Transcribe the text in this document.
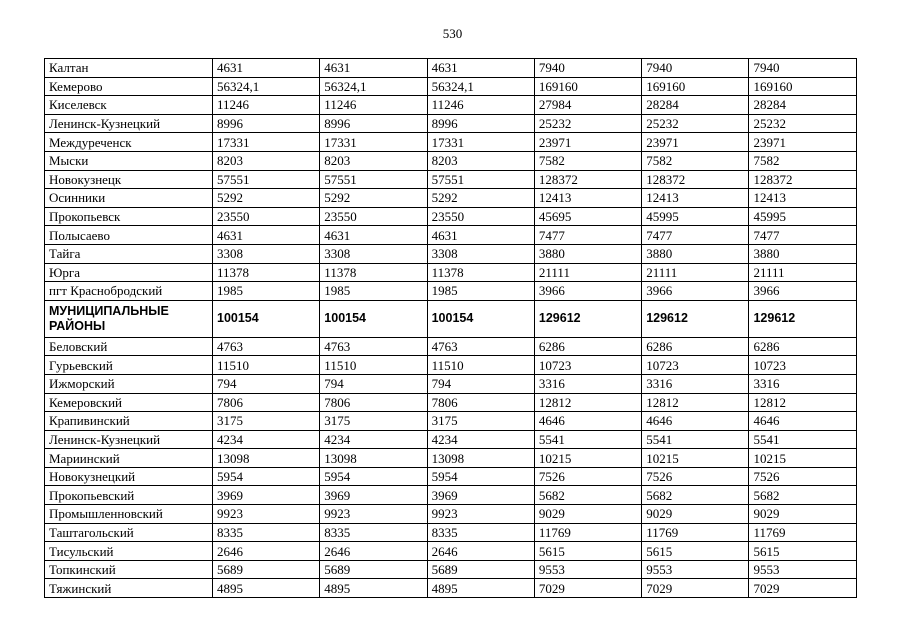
530
Калтан	4631	4631	4631	7940	7940	7940
Кемерово	56324,1	56324,1	56324,1	169160	169160	169160
Киселевск	11246	11246	11246	27984	28284	28284
Ленинск-Кузнецкий	8996	8996	8996	25232	25232	25232
Междуреченск	17331	17331	17331	23971	23971	23971
Мыски	8203	8203	8203	7582	7582	7582
Новокузнецк	57551	57551	57551	128372	128372	128372
Осинники	5292	5292	5292	12413	12413	12413
Прокопьевск	23550	23550	23550	45695	45995	45995
Полысаево	4631	4631	4631	7477	7477	7477
Тайга	3308	3308	3308	3880	3880	3880
Юрга	11378	11378	11378	21111	21111	21111
пгт Краснобродский	1985	1985	1985	3966	3966	3966
МУНИЦИПАЛЬНЫЕ РАЙОНЫ	100154	100154	100154	129612	129612	129612
Беловский	4763	4763	4763	6286	6286	6286
Гурьевский	11510	11510	11510	10723	10723	10723
Ижморский	794	794	794	3316	3316	3316
Кемеровский	7806	7806	7806	12812	12812	12812
Крапивинский	3175	3175	3175	4646	4646	4646
Ленинск-Кузнецкий	4234	4234	4234	5541	5541	5541
Мариинский	13098	13098	13098	10215	10215	10215
Новокузнецкий	5954	5954	5954	7526	7526	7526
Прокопьевский	3969	3969	3969	5682	5682	5682
Промышленновский	9923	9923	9923	9029	9029	9029
Таштагольский	8335	8335	8335	11769	11769	11769
Тисульский	2646	2646	2646	5615	5615	5615
Топкинский	5689	5689	5689	9553	9553	9553
Тяжинский	4895	4895	4895	7029	7029	7029
